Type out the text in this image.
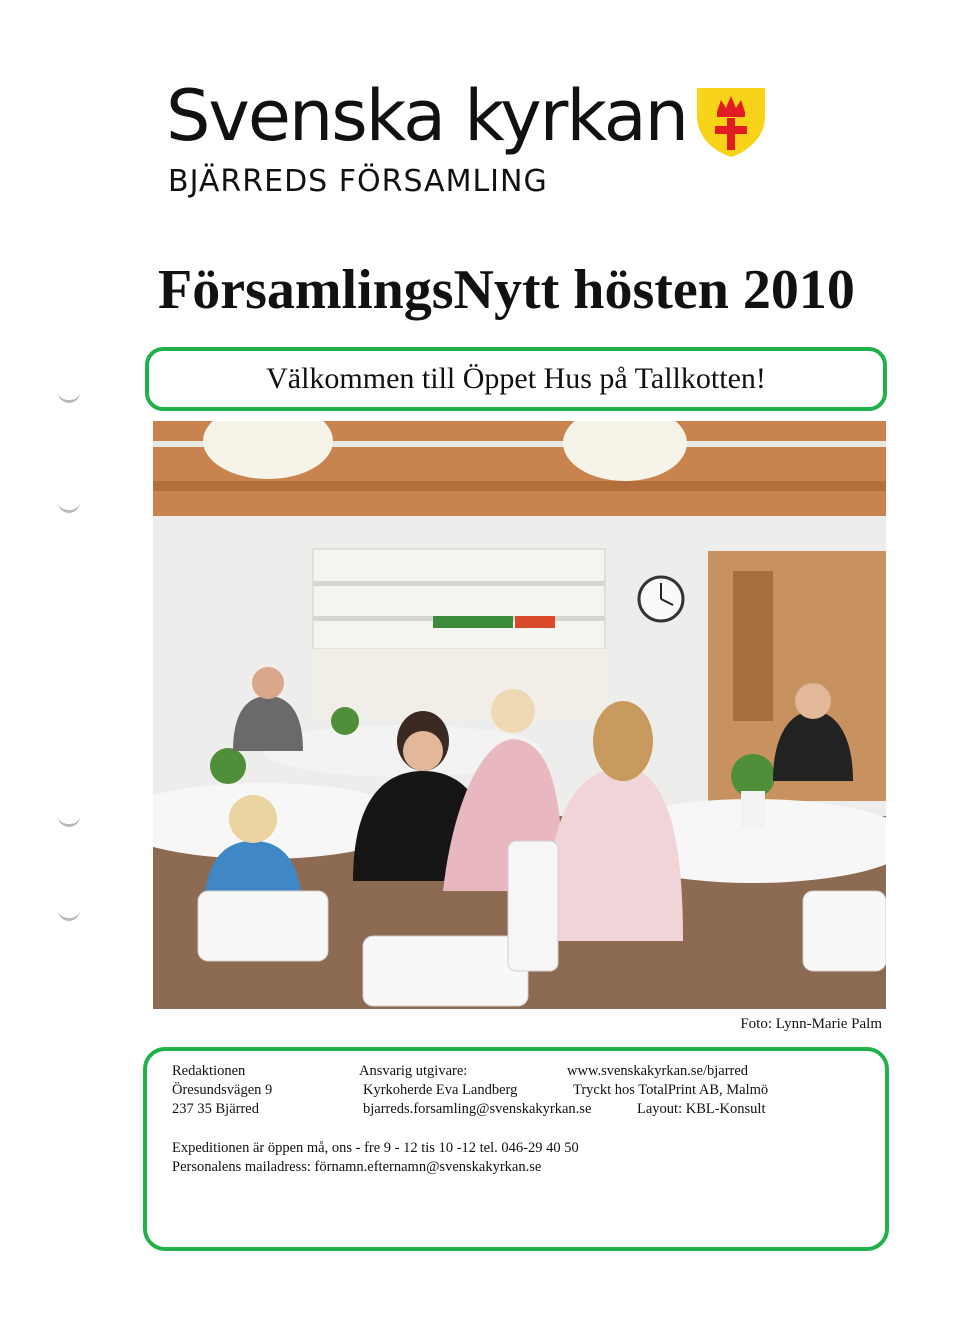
Svenska kyrkan
BJÄRREDS FÖRSAMLING
FörsamlingsNytt hösten 2010
Välkommen till Öppet Hus på Tallkotten!
Foto: Lynn-Marie Palm
Redaktionen
Öresundsvägen 9
237 35 Bjärred
Ansvarig utgivare:
Kyrkoherde Eva Landberg
bjarreds.forsamling@svenskakyrkan.se
www.svenskakyrkan.se/bjarred
Tryckt hos TotalPrint AB, Malmö
Layout: KBL-Konsult
Expeditionen är öppen må, ons - fre 9 - 12 tis 10 -12 tel. 046-29 40 50
Personalens mailadress: förnamn.efternamn@svenskakyrkan.se
